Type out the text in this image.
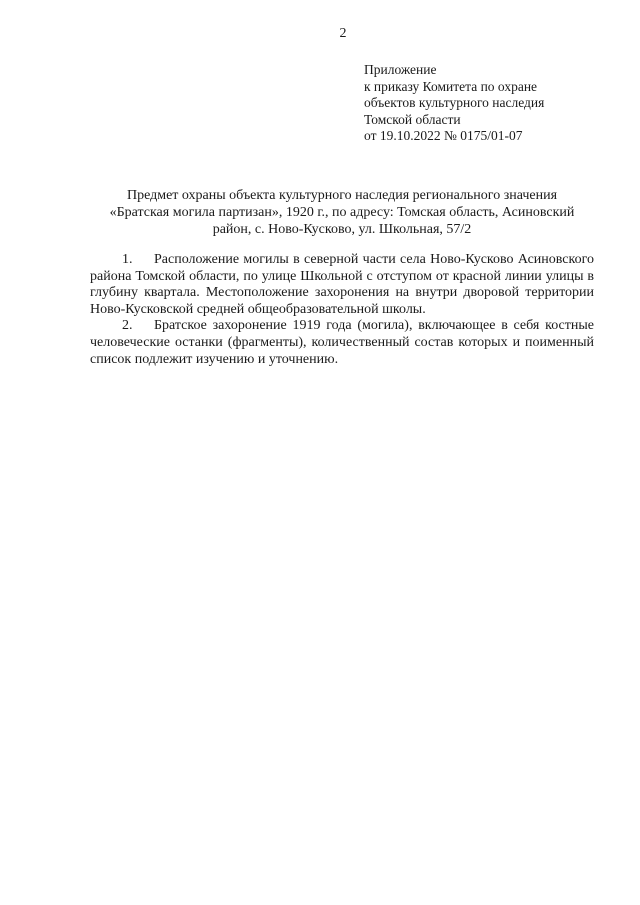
2
Приложение
к приказу Комитета по охране
объектов культурного наследия
Томской области
от 19.10.2022 № 0175/01-07
Предмет охраны объекта культурного наследия регионального значения
«Братская могила партизан», 1920 г., по адресу: Томская область, Асиновский
район, с. Ново-Кусково, ул. Школьная, 57/2

1. Расположение могилы в северной части села Ново-Кусково Асиновского района Томской области, по улице Школьной с отступом от красной линии улицы в глубину квартала. Местоположение захоронения на внутри дворовой территории Ново-Кусковской средней общеобразовательной школы.

2. Братское захоронение 1919 года (могила), включающее в себя костные человеческие останки (фрагменты), количественный состав которых и поименный список подлежит изучению и уточнению.
